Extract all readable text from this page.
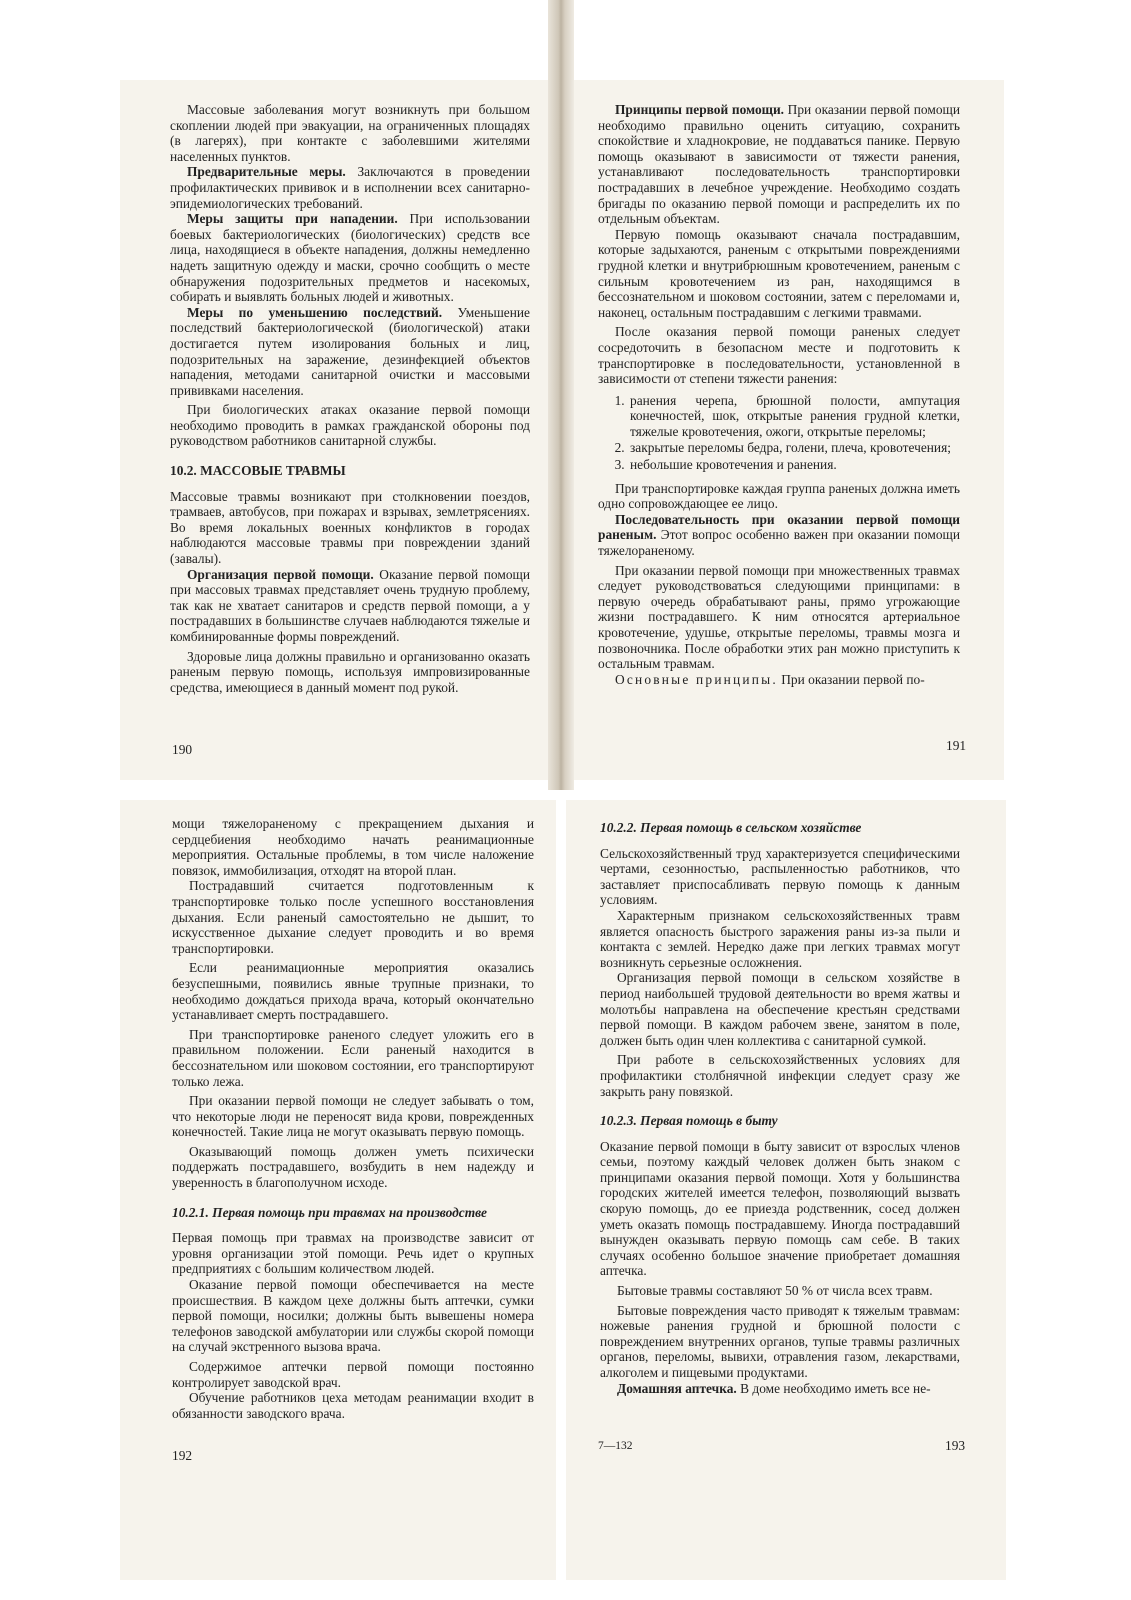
Массовые заболевания могут возникнуть при большом скоплении людей при эвакуации, на ограниченных площадях (в лагерях), при контакте с заболевшими жителями населенных пунктов.

Предварительные меры. Заключаются в проведении профилактических прививок и в исполнении всех санитарно-эпидемиологических требований.

Меры защиты при нападении. При использовании боевых бактериологических (биологических) средств все лица, находящиеся в объекте нападения, должны немедленно надеть защитную одежду и маски, срочно сообщить о месте обнаружения подозрительных предметов и насекомых, собирать и выявлять больных людей и животных.

Меры по уменьшению последствий. Уменьшение последствий бактериологической (биологической) атаки достигается путем изолирования больных и лиц, подозрительных на заражение, дезинфекцией объектов нападения, методами санитарной очистки и массовыми прививками населения.

При биологических атаках оказание первой помощи необходимо проводить в рамках гражданской обороны под руководством работников санитарной службы.

10.2. МАССОВЫЕ ТРАВМЫ

Массовые травмы возникают при столкновении поездов, трамваев, автобусов, при пожарах и взрывах, землетрясениях. Во время локальных военных конфликтов в городах наблюдаются массовые травмы при повреждении зданий (завалы).

Организация первой помощи. Оказание первой помощи при массовых травмах представляет очень трудную проблему, так как не хватает санитаров и средств первой помощи, а у пострадавших в большинстве случаев наблюдаются тяжелые и комбинированные формы повреждений.

Здоровые лица должны правильно и организованно оказать раненым первую помощь, используя импровизированные средства, имеющиеся в данный момент под рукой.

190

Принципы первой помощи. При оказании первой помощи необходимо правильно оценить ситуацию, сохранить спокойствие и хладнокровие, не поддаваться панике. Первую помощь оказывают в зависимости от тяжести ранения, устанавливают последовательность транспортировки пострадавших в лечебное учреждение. Необходимо создать бригады по оказанию первой помощи и распределить их по отдельным объектам.

Первую помощь оказывают сначала пострадавшим, которые задыхаются, раненым с открытыми повреждениями грудной клетки и внутрибрюшным кровотечением, раненым с сильным кровотечением из ран, находящимся в бессознательном и шоковом состоянии, затем с переломами и, наконец, остальным пострадавшим с легкими травмами.

После оказания первой помощи раненых следует сосредоточить в безопасном месте и подготовить к транспортировке в последовательности, установленной в зависимости от степени тяжести ранения:

1. ранения черепа, брюшной полости, ампутация конечностей, шок, открытые ранения грудной клетки, тяжелые кровотечения, ожоги, открытые переломы;
2. закрытые переломы бедра, голени, плеча, кровотечения;
3. небольшие кровотечения и ранения.

При транспортировке каждая группа раненых должна иметь одно сопровождающее ее лицо.

Последовательность при оказании первой помощи раненым. Этот вопрос особенно важен при оказании помощи тяжелораненому.

При оказании первой помощи при множественных травмах следует руководствоваться следующими принципами: в первую очередь обрабатывают раны, прямо угрожающие жизни пострадавшего. К ним относятся артериальное кровотечение, удушье, открытые переломы, травмы мозга и позвоночника. После обработки этих ран можно приступить к остальным травмам.

Основные принципы. При оказании первой по-

191

мощи тяжелораненому с прекращением дыхания и сердцебиения необходимо начать реанимационные мероприятия. Остальные проблемы, в том числе наложение повязок, иммобилизация, отходят на второй план.

Пострадавший считается подготовленным к транспортировке только после успешного восстановления дыхания. Если раненый самостоятельно не дышит, то искусственное дыхание следует проводить и во время транспортировки.

Если реанимационные мероприятия оказались безуспешными, появились явные трупные признаки, то необходимо дождаться прихода врача, который окончательно устанавливает смерть пострадавшего.

При транспортировке раненого следует уложить его в правильном положении. Если раненый находится в бессознательном или шоковом состоянии, его транспортируют только лежа.

При оказании первой помощи не следует забывать о том, что некоторые люди не переносят вида крови, поврежденных конечностей. Такие лица не могут оказывать первую помощь.

Оказывающий помощь должен уметь психически поддержать пострадавшего, возбудить в нем надежду и уверенность в благополучном исходе.

10.2.1. Первая помощь при травмах на производстве

Первая помощь при травмах на производстве зависит от уровня организации этой помощи. Речь идет о крупных предприятиях с большим количеством людей.

Оказание первой помощи обеспечивается на месте происшествия. В каждом цехе должны быть аптечки, сумки первой помощи, носилки; должны быть вывешены номера телефонов заводской амбулатории или службы скорой помощи на случай экстренного вызова врача.

Содержимое аптечки первой помощи постоянно контролирует заводской врач.

Обучение работников цеха методам реанимации входит в обязанности заводского врача.

192
10.2.2. Первая помощь в сельском хозяйстве

Сельскохозяйственный труд характеризуется специфическими чертами, сезонностью, распыленностью работников, что заставляет приспосабливать первую помощь к данным условиям.

Характерным признаком сельскохозяйственных травм является опасность быстрого заражения раны из-за пыли и контакта с землей. Нередко даже при легких травмах могут возникнуть серьезные осложнения.

Организация первой помощи в сельском хозяйстве в период наибольшей трудовой деятельности во время жатвы и молотьбы направлена на обеспечение крестьян средствами первой помощи. В каждом рабочем звене, занятом в поле, должен быть один член коллектива с санитарной сумкой.

При работе в сельскохозяйственных условиях для профилактики столбнячной инфекции следует сразу же закрыть рану повязкой.

10.2.3. Первая помощь в быту

Оказание первой помощи в быту зависит от взрослых членов семьи, поэтому каждый человек должен быть знаком с принципами оказания первой помощи. Хотя у большинства городских жителей имеется телефон, позволяющий вызвать скорую помощь, до ее приезда родственник, сосед должен уметь оказать помощь пострадавшему. Иногда пострадавший вынужден оказывать первую помощь сам себе. В таких случаях особенно большое значение приобретает домашняя аптечка.

Бытовые травмы составляют 50 % от числа всех травм.

Бытовые повреждения часто приводят к тяжелым травмам: ножевые ранения грудной и брюшной полости с повреждением внутренних органов, тупые травмы различных органов, переломы, вывихи, отравления газом, лекарствами, алкоголем и пищевыми продуктами.

Домашняя аптечка. В доме необходимо иметь все не-

7—132	193
